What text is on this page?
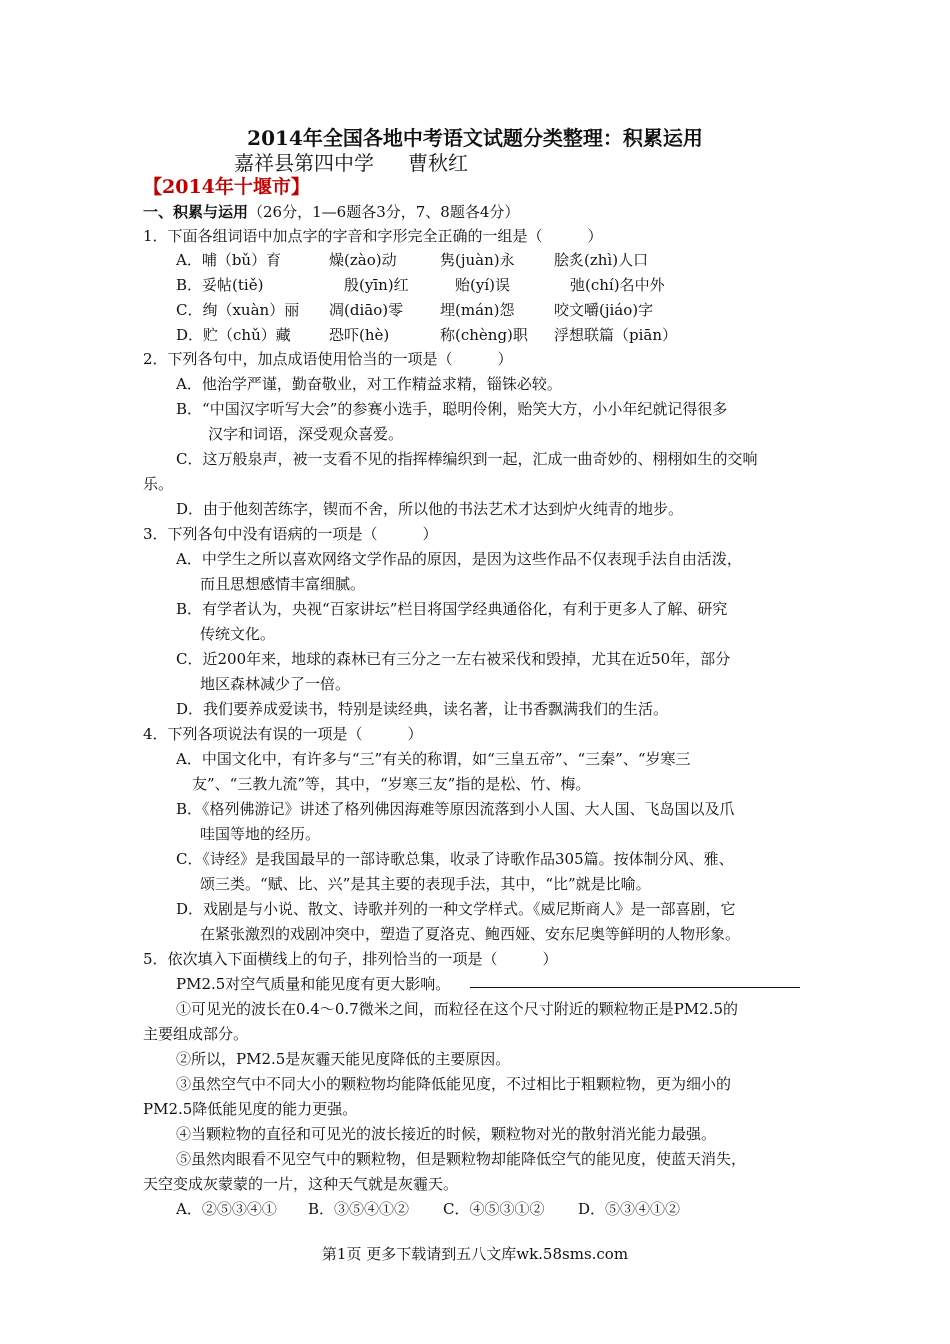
2014年全国各地中考语文试题分类整理：积累运用
嘉祥县第四中学 曹秋红
【2014年十堰市】
一、积累与运用（26分，1—6题各3分，7、8题各4分）
1．下面各组词语中加点字的字音和字形完全正确的一组是（　　　）
A．哺（bǔ）育	燥(zào)动	隽(juàn)永	脍炙(zhì)人口
B．妥帖(tiě)	殷(yīn)红	贻(yí)误	弛(chí)名中外
C．绚（xuàn）丽 凋(diāo)零 埋(mán)怨	咬文嚼(jiáo)字
D．贮（chǔ）藏	恐吓(hè)	称(chèng)职 浮想联篇（piān）
2．下列各句中，加点成语使用恰当的一项是（　　　）
A．他治学严谨，勤奋敬业，对工作精益求精，锱铢必较。
B．“中国汉字听写大会”的参赛小选手，聪明伶俐，贻笑大方，小小年纪就记得很多
汉字和词语，深受观众喜爱。
C．这万般泉声，被一支看不见的指挥棒编织到一起，汇成一曲奇妙的、栩栩如生的交响
乐。
D．由于他刻苦练字，锲而不舍，所以他的书法艺术才达到炉火纯青的地步。
3．下列各句中没有语病的一项是（　　　）
A．中学生之所以喜欢网络文学作品的原因，是因为这些作品不仅表现手法自由活泼，
而且思想感情丰富细腻。
B．有学者认为，央视“百家讲坛”栏目将国学经典通俗化，有利于更多人了解、研究
传统文化。
C．近200年来，地球的森林已有三分之一左右被采伐和毁掉，尤其在近50年，部分
地区森林减少了一倍。
D．我们要养成爱读书，特别是读经典，读名著，让书香飘满我们的生活。
4．下列各项说法有误的一项是（　　　）
A．中国文化中，有许多与“三”有关的称谓，如“三皇五帝”、“三秦”、“岁寒三
友”、“三教九流”等，其中，“岁寒三友”指的是松、竹、梅。
B．《格列佛游记》讲述了格列佛因海难等原因流落到小人国、大人国、飞岛国以及爪
哇国等地的经历。
C．《诗经》是我国最早的一部诗歌总集，收录了诗歌作品305篇。按体制分风、雅、
颂三类。“赋、比、兴”是其主要的表现手法，其中，“比”就是比喻。
D．戏剧是与小说、散文、诗歌并列的一种文学样式。《威尼斯商人》是一部喜剧，它
在紧张激烈的戏剧冲突中，塑造了夏洛克、鲍西娅、安东尼奥等鲜明的人物形象。
5．依次填入下面横线上的句子，排列恰当的一项是（　　　）
PM2.5对空气质量和能见度有更大影响。
①可见光的波长在0.4～0.7微米之间，而粒径在这个尺寸附近的颗粒物正是PM2.5的
主要组成部分。
②所以，PM2.5是灰霾天能见度降低的主要原因。
③虽然空气中不同大小的颗粒物均能降低能见度，不过相比于粗颗粒物，更为细小的
PM2.5降低能见度的能力更强。
④当颗粒物的直径和可见光的波长接近的时候，颗粒物对光的散射消光能力最强。
⑤虽然肉眼看不见空气中的颗粒物，但是颗粒物却能降低空气的能见度，使蓝天消失，
天空变成灰蒙蒙的一片，这种天气就是灰霾天。
A．②⑤③④① B．③⑤④①② C．④⑤③①② D．⑤③④①②
第1页 更多下载请到五八文库wk.58sms.com
